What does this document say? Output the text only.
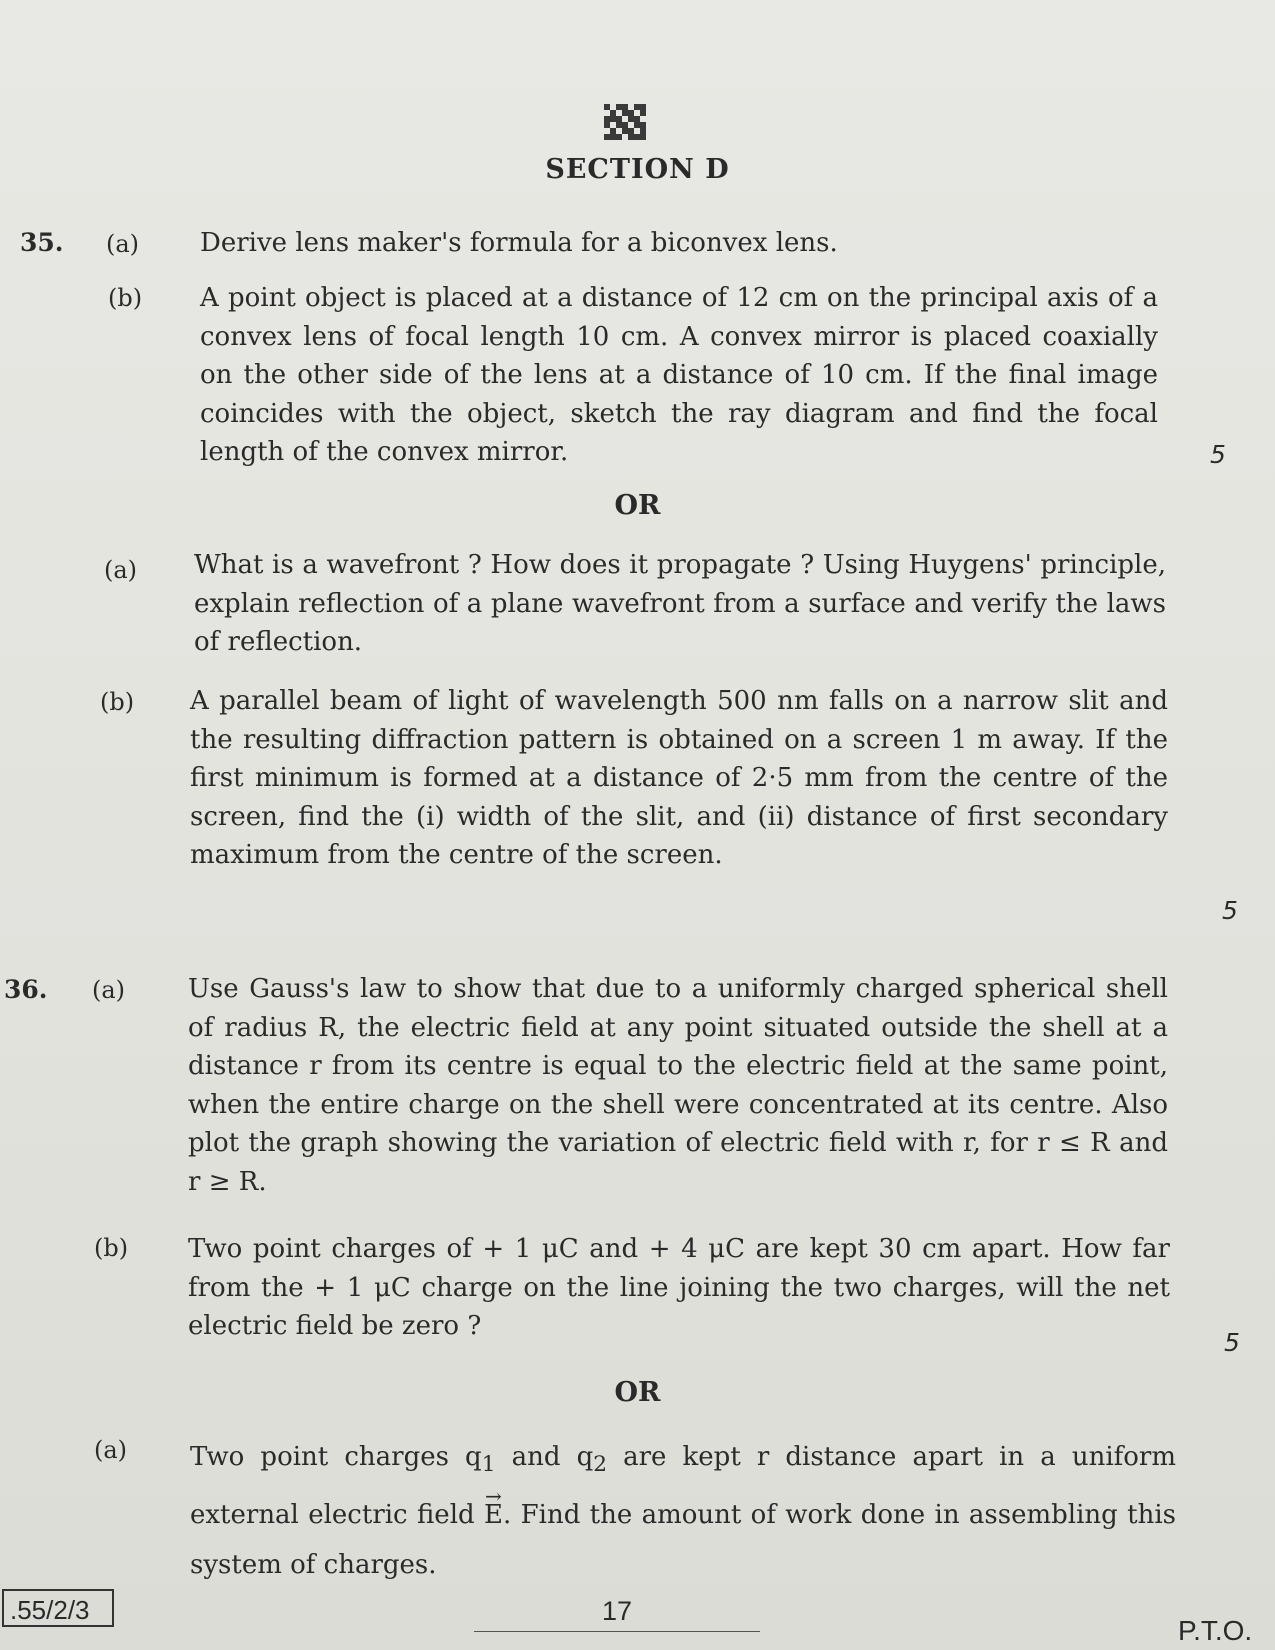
SECTION D
35. (a) Derive lens maker's formula for a biconvex lens.
(b) A point object is placed at a distance of 12 cm on the principal axis of a convex lens of focal length 10 cm. A convex mirror is placed coaxially on the other side of the lens at a distance of 10 cm. If the final image coincides with the object, sketch the ray diagram and find the focal length of the convex mirror.	5
OR
(a) What is a wavefront ? How does it propagate ? Using Huygens' principle, explain reflection of a plane wavefront from a surface and verify the laws of reflection.
(b) A parallel beam of light of wavelength 500 nm falls on a narrow slit and the resulting diffraction pattern is obtained on a screen 1 m away. If the first minimum is formed at a distance of 2·5 mm from the centre of the screen, find the (i) width of the slit, and (ii) distance of first secondary maximum from the centre of the screen.
5
36. (a) Use Gauss's law to show that due to a uniformly charged spherical shell of radius R, the electric field at any point situated outside the shell at a distance r from its centre is equal to the electric field at the same point, when the entire charge on the shell were concentrated at its centre. Also plot the graph showing the variation of electric field with r, for r ≤ R and r ≥ R.
(b) Two point charges of + 1 μC and + 4 μC are kept 30 cm apart. How far from the + 1 μC charge on the line joining the two charges, will the net electric field be zero ?
5
OR
(a) Two point charges $q_1$ and $q_2$ are kept r distance apart in a uniform external electric field → E. Find the amount of work done in assembling this system of charges.
.55/2/3	17
P.T.O.
